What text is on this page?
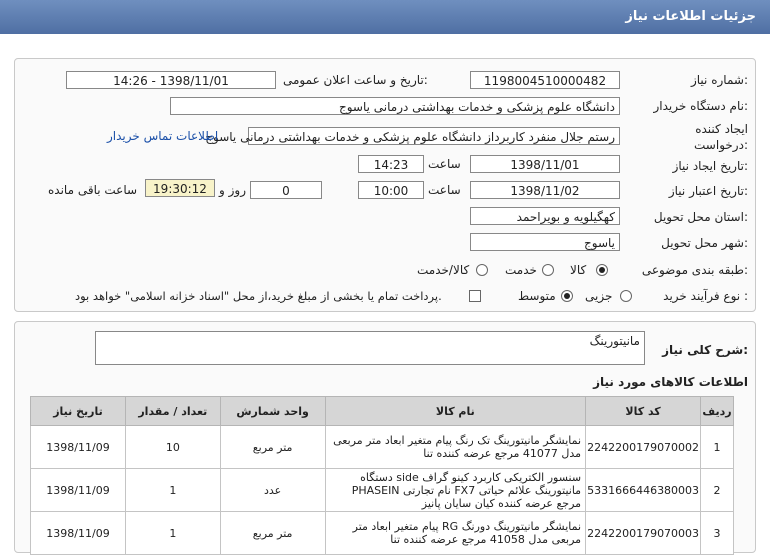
جزئیات اطلاعات نیاز
شماره نیاز:
1198004510000482
تاریخ و ساعت اعلان عمومی:
1398/11/01 - 14:26
نام دستگاه خریدار:
دانشگاه علوم پزشکی و خدمات بهداشتی درمانی یاسوج
ایجاد کننده
درخواست:
رستم جلال منفرد کاربرداز دانشگاه علوم پزشکی و خدمات بهداشتی درمانی یاسوج
اطلاعات تماس خریدار
تاریخ ایجاد نیاز:
1398/11/01
ساعت
14:23
تاریخ اعتبار نیاز:
1398/11/02
ساعت
10:00
0
روز و
19:30:12
ساعت باقی مانده
استان محل تحویل:
کهگیلویه و بویراحمد
شهر محل تحویل:
یاسوج
طبقه بندی موضوعی:
کالا
خدمت
کالا/خدمت
نوع فرآیند خرید :
جزیی
متوسط
پرداخت تمام یا بخشی از مبلغ خرید،از محل "اسناد خزانه اسلامی" خواهد بود.
شرح کلی نیاز:
مانیتورینگ
اطلاعات کالاهای مورد نیاز
ردیف	کد کالا	نام کالا	واحد شمارش	تعداد / مقدار	تاریخ نیاز
1	2242200179070002	نمایشگر مانیتورینگ تک رنگ پیام متغیر ابعاد متر مربعی مدل 41077 مرجع عرضه کننده تنا	متر مربع	10	1398/11/09
2	5331666446380003	سنسور الکتریکی کاربرد کینو گراف side دستگاه مانیتورینگ علائم حیاتی FX7 نام تجارتی PHASEIN مرجع عرضه کننده کیان سایان پانیز	عدد	1	1398/11/09
3	2242200179070003	نمایشگر مانیتورینگ دورنگ RG پیام متغیر ابعاد متر مربعی مدل 41058 مرجع عرضه کننده تنا	متر مربع	1	1398/11/09
